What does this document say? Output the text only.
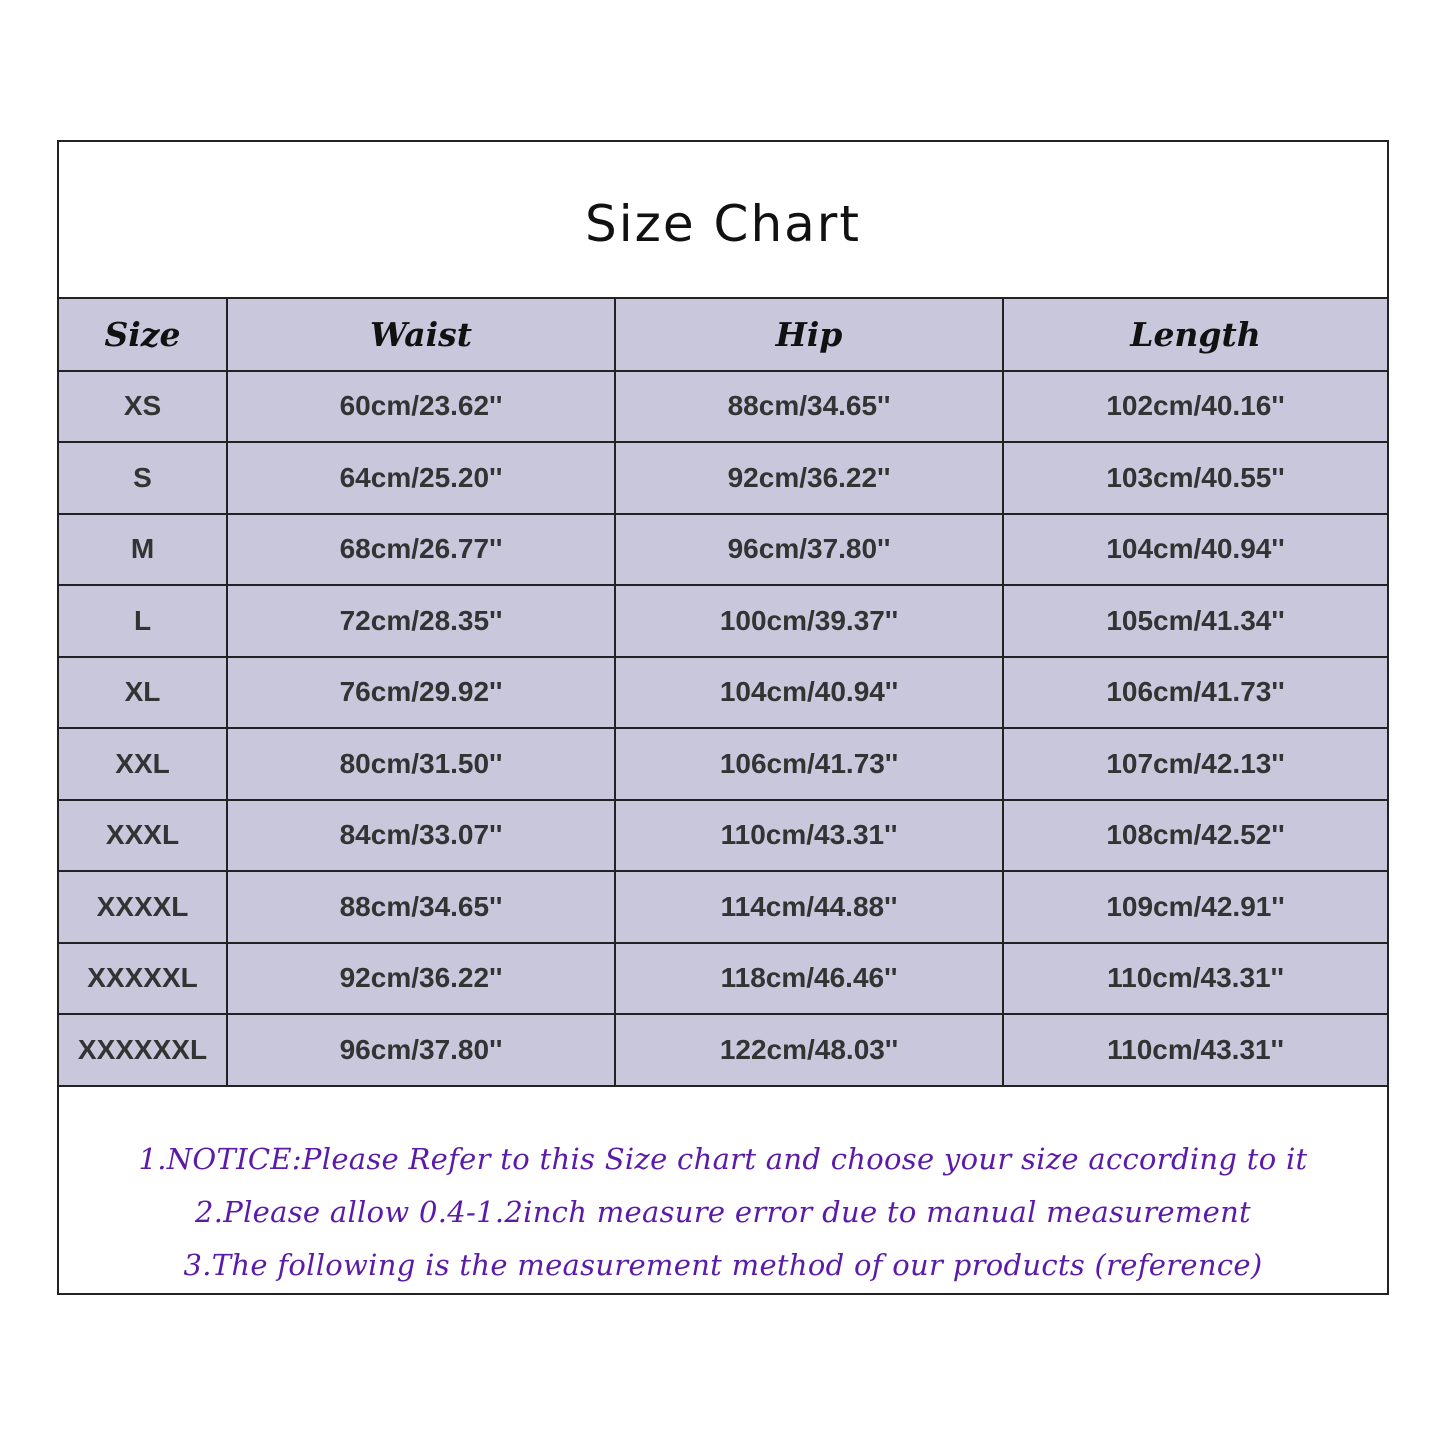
Size Chart
Size	Waist	Hip	Length
XS	60cm/23.62''	88cm/34.65''	102cm/40.16''
S	64cm/25.20''	92cm/36.22''	103cm/40.55''
M	68cm/26.77''	96cm/37.80''	104cm/40.94''
L	72cm/28.35''	100cm/39.37''	105cm/41.34''
XL	76cm/29.92''	104cm/40.94''	106cm/41.73''
XXL	80cm/31.50''	106cm/41.73''	107cm/42.13''
XXXL	84cm/33.07''	110cm/43.31''	108cm/42.52''
XXXXL	88cm/34.65''	114cm/44.88''	109cm/42.91''
XXXXXL	92cm/36.22''	118cm/46.46''	110cm/43.31''
XXXXXXL	96cm/37.80''	122cm/48.03''	110cm/43.31''
1.NOTICE:Please Refer to this Size chart and choose your size according to it
2.Please allow 0.4-1.2inch measure error due to manual measurement
3.The following is the measurement method of our products (reference)
